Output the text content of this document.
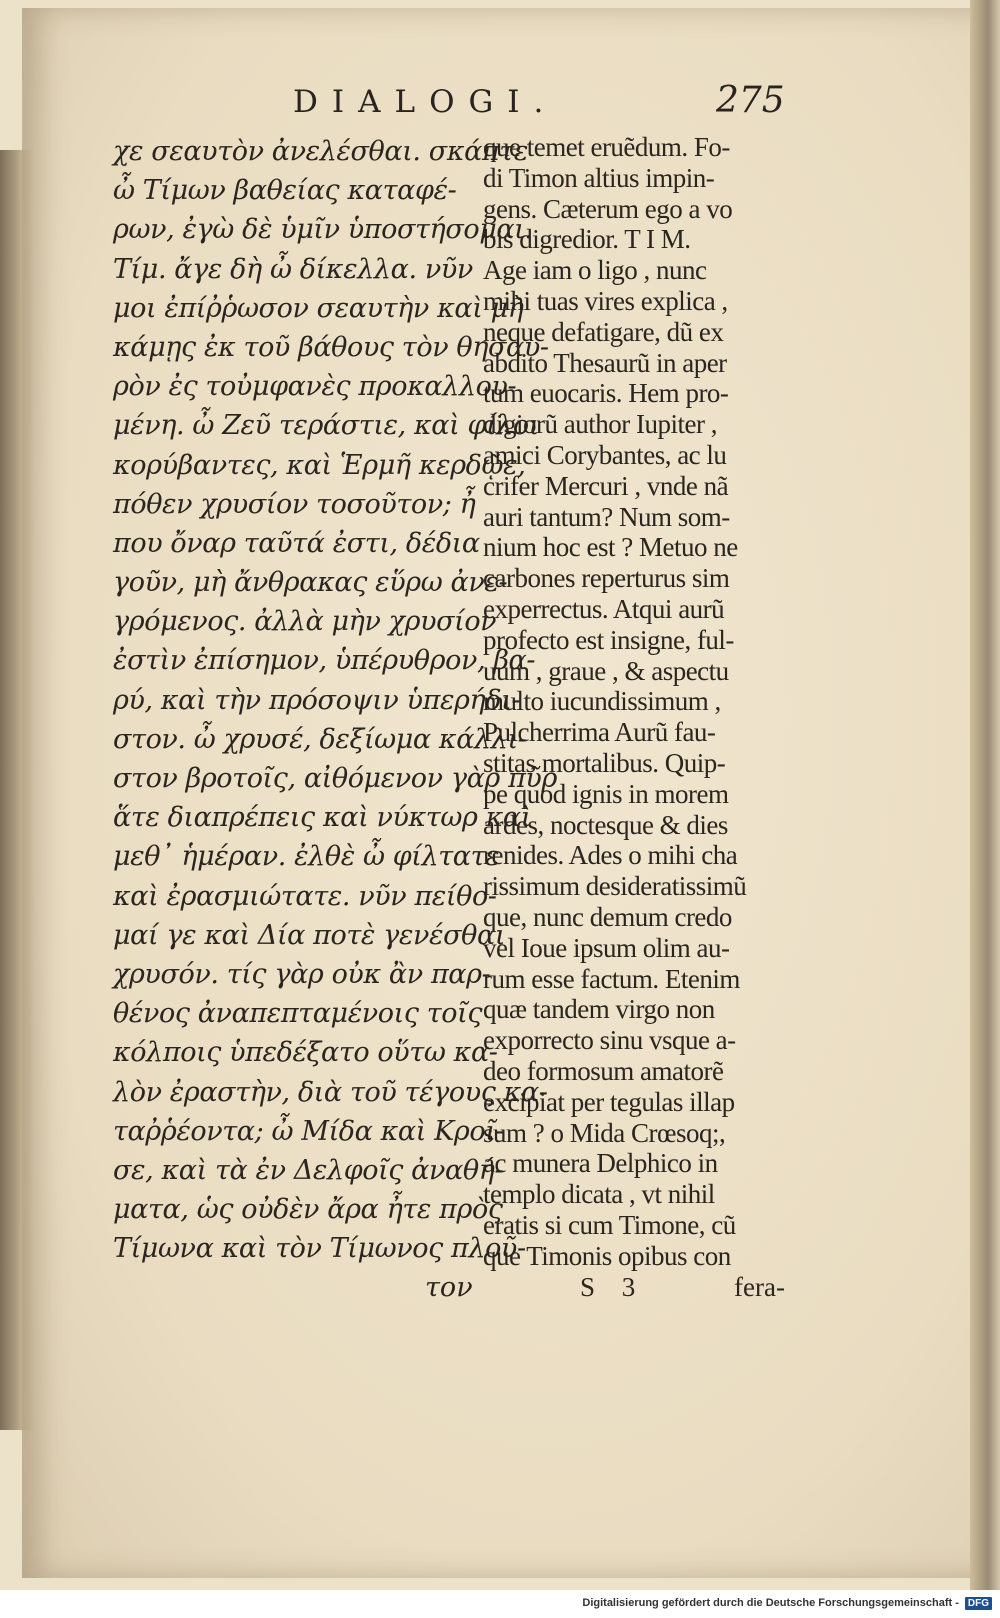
DIALOGI.	275
χε σεαυτὸν ἀνελέσθαι. σκάπτε
ὦ Τίμων βαθείας καταφέ-
ρων, ἐγὼ δὲ ὑμῖν ὑποστήσομαι.
Τίμ. ἄγε δὴ ὦ δίκελλα. νῦν
μοι ἐπίῤῥωσον σεαυτὴν καὶ μὴ
κάμῃς ἐκ τοῦ βάθους τὸν θησαυ-
ρὸν ἐς τοὐμφανὲς προκαλλου-
μένη. ὦ Ζεῦ τεράστιε, καὶ φίλοι
κορύβαντες, καὶ Ἑρμῆ κερδῷε,
πόθεν χρυσίον τοσοῦτον; ἦ
που ὄναρ ταῦτά ἐστι, δέδια
γοῦν, μὴ ἄνθρακας εὕρω ἀνε-
γρόμενος. ἀλλὰ μὴν χρυσίον
ἐστὶν ἐπίσημον, ὑπέρυθρον, βα-
ρύ, καὶ τὴν πρόσοψιν ὑπερήδι-
στον. ὦ χρυσέ, δεξίωμα κάλλι-
στον βροτοῖς, αἰθόμενον γὰρ πῦρ
ἅτε διαπρέπεις καὶ νύκτωρ καὶ
μεθ᾽ ἡμέραν. ἐλθὲ ὦ φίλτατε
καὶ ἐρασμιώτατε. νῦν πείθο-
μαί γε καὶ Δία ποτὲ γενέσθαι
χρυσόν. τίς γὰρ οὐκ ἂν παρ-
θένος ἀναπεπταμένοις τοῖς
κόλποις ὑπεδέξατο οὕτω κα-
λὸν ἐραστὴν, διὰ τοῦ τέγους κα-
ταῤῥέοντα; ὦ Μίδα καὶ Κροῖ-
σε, καὶ τὰ ἐν Δελφοῖς ἀναθή-
ματα, ὡς οὐδὲν ἄρα ἦτε πρὸς
Τίμωνα καὶ τὸν Τίμωνος πλοῦ-
que temet eruẽdum. Fo-
di Timon altius impin-
gens. Cæterum ego a vo
bis digredior. T I M.
Age iam o ligo , nunc
mihi tuas vires explica ,
neque defatigare, dũ ex
abdito Thesaurũ in aper
tum euocaris. Hem pro-
digiorũ author Iupiter ,
amici Corybantes, ac lu
crifer Mercuri , vnde nã
auri tantum? Num som-
nium hoc est ? Metuo ne
carbones reperturus sim
experrectus. Atqui aurũ
profecto est insigne, ful-
uum , graue , & aspectu
multo iucundissimum ,
Pulcherrima Aurũ fau-
stitas mortalibus. Quip-
pe quod ignis in morem
ardes, noctesque & dies
renides. Ades o mihi cha
rissimum desideratissimũ
que, nunc demum credo
vel Ioue ipsum olim au-
rum esse factum. Etenim
quæ tandem virgo non
exporrecto sinu vsque a-
deo formosum amatorẽ
excipiat per tegulas illap
sum ? o Mida Crœsoq;,
ac munera Delphico in
templo dicata , vt nihil
eratis si cum Timone, cũ
que Timonis opibus con
τον	S 3	fera-
Digitalisierung gefördert durch die Deutsche Forschungsgemeinschaft - DFG
